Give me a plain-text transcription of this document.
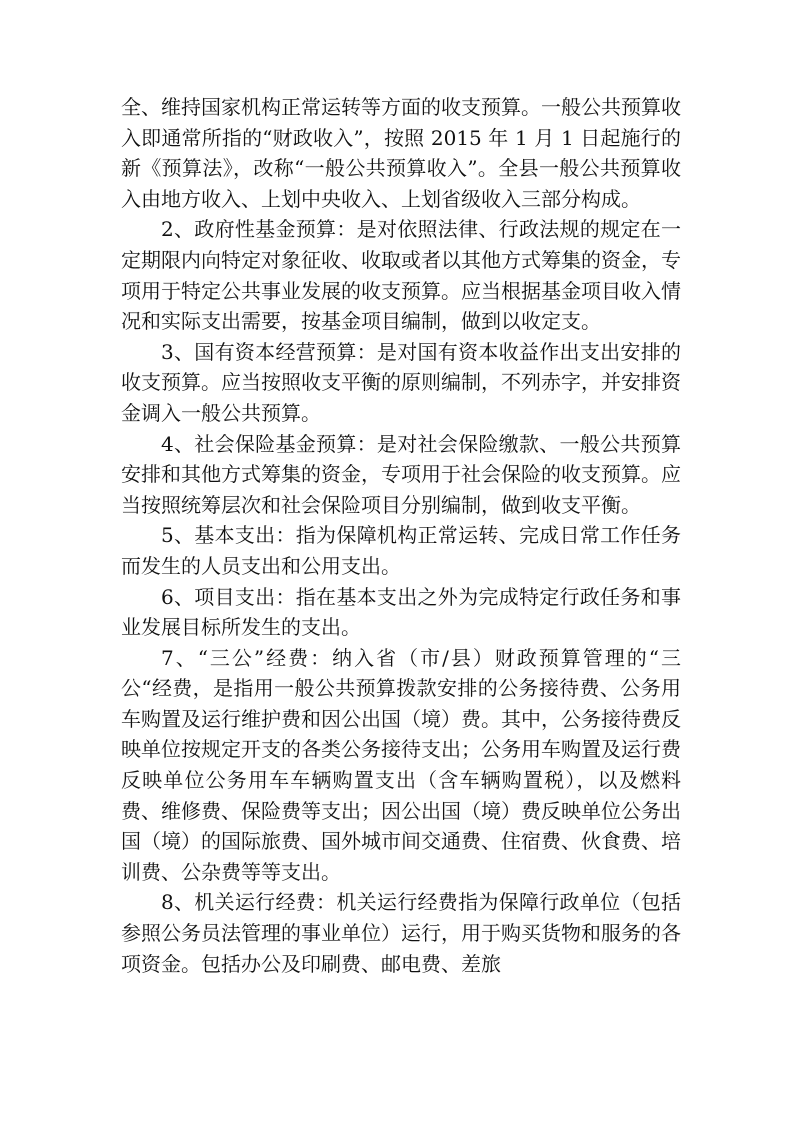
全、维持国家机构正常运转等方面的收支预算。一般公共预算收入即通常所指的“财政收入”，按照 2015 年 1 月 1 日起施行的新《预算法》，改称“一般公共预算收入”。全县一般公共预算收入由地方收入、上划中央收入、上划省级收入三部分构成。

2、政府性基金预算：是对依照法律、行政法规的规定在一定期限内向特定对象征收、收取或者以其他方式筹集的资金，专项用于特定公共事业发展的收支预算。应当根据基金项目收入情况和实际支出需要，按基金项目编制，做到以收定支。

3、国有资本经营预算：是对国有资本收益作出支出安排的收支预算。应当按照收支平衡的原则编制，不列赤字，并安排资金调入一般公共预算。

4、社会保险基金预算：是对社会保险缴款、一般公共预算安排和其他方式筹集的资金，专项用于社会保险的收支预算。应当按照统筹层次和社会保险项目分别编制，做到收支平衡。

5、基本支出：指为保障机构正常运转、完成日常工作任务而发生的人员支出和公用支出。

6、项目支出：指在基本支出之外为完成特定行政任务和事业发展目标所发生的支出。

7、“三公”经费：纳入省（市/县）财政预算管理的“三公“经费，是指用一般公共预算拨款安排的公务接待费、公务用车购置及运行维护费和因公出国（境）费。其中，公务接待费反映单位按规定开支的各类公务接待支出；公务用车购置及运行费反映单位公务用车车辆购置支出（含车辆购置税），以及燃料费、维修费、保险费等支出；因公出国（境）费反映单位公务出国（境）的国际旅费、国外城市间交通费、住宿费、伙食费、培训费、公杂费等等支出。

8、机关运行经费：机关运行经费指为保障行政单位（包括参照公务员法管理的事业单位）运行，用于购买货物和服务的各项资金。包括办公及印刷费、邮电费、差旅
